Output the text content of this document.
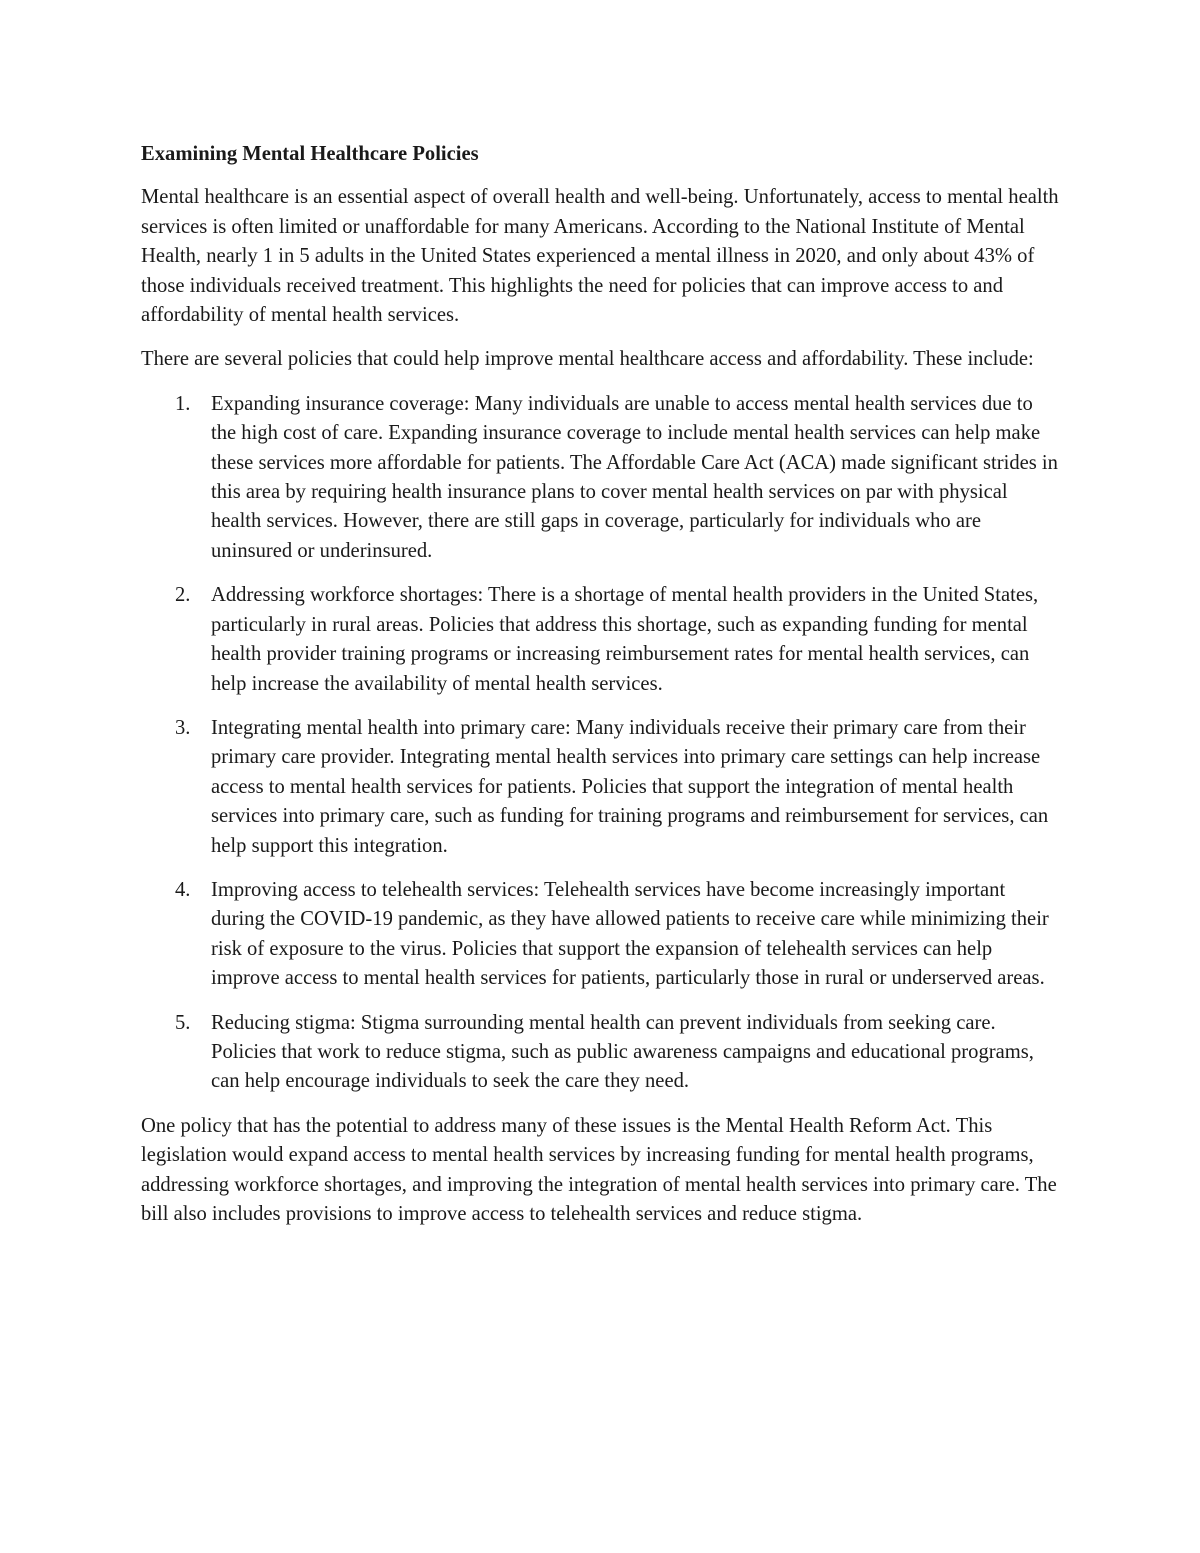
Examining Mental Healthcare Policies

Mental healthcare is an essential aspect of overall health and well-being. Unfortunately, access to mental health services is often limited or unaffordable for many Americans. According to the National Institute of Mental Health, nearly 1 in 5 adults in the United States experienced a mental illness in 2020, and only about 43% of those individuals received treatment. This highlights the need for policies that can improve access to and affordability of mental health services.

There are several policies that could help improve mental healthcare access and affordability. These include:

1. Expanding insurance coverage: Many individuals are unable to access mental health services due to the high cost of care. Expanding insurance coverage to include mental health services can help make these services more affordable for patients. The Affordable Care Act (ACA) made significant strides in this area by requiring health insurance plans to cover mental health services on par with physical health services. However, there are still gaps in coverage, particularly for individuals who are uninsured or underinsured.
2. Addressing workforce shortages: There is a shortage of mental health providers in the United States, particularly in rural areas. Policies that address this shortage, such as expanding funding for mental health provider training programs or increasing reimbursement rates for mental health services, can help increase the availability of mental health services.
3. Integrating mental health into primary care: Many individuals receive their primary care from their primary care provider. Integrating mental health services into primary care settings can help increase access to mental health services for patients. Policies that support the integration of mental health services into primary care, such as funding for training programs and reimbursement for services, can help support this integration.
4. Improving access to telehealth services: Telehealth services have become increasingly important during the COVID-19 pandemic, as they have allowed patients to receive care while minimizing their risk of exposure to the virus. Policies that support the expansion of telehealth services can help improve access to mental health services for patients, particularly those in rural or underserved areas.
5. Reducing stigma: Stigma surrounding mental health can prevent individuals from seeking care. Policies that work to reduce stigma, such as public awareness campaigns and educational programs, can help encourage individuals to seek the care they need.

One policy that has the potential to address many of these issues is the Mental Health Reform Act. This legislation would expand access to mental health services by increasing funding for mental health programs, addressing workforce shortages, and improving the integration of mental health services into primary care. The bill also includes provisions to improve access to telehealth services and reduce stigma.
